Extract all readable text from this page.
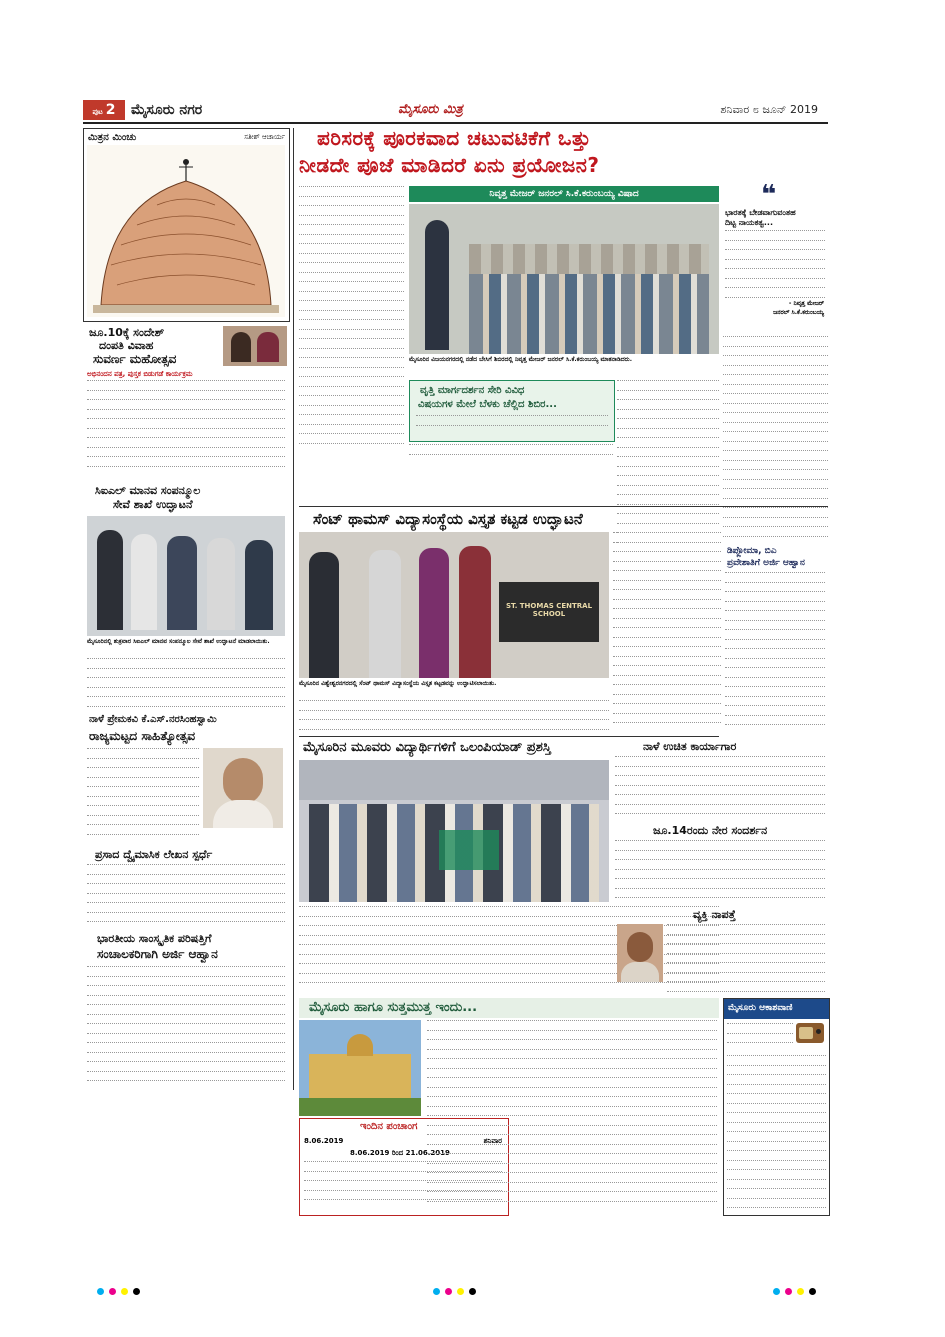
ಪುಟ 2	ಮೈಸೂರು ನಗರ	ಮೈಸೂರು ಮಿತ್ರ	ಶನಿವಾರ ೮ ಜೂನ್ 2019
ಮಿತ್ರನ ಮಿಂಚು	ಸತೀಶ್ ಆಚಾರ್ಯ
ಜೂ.10ಕ್ಕೆ ಸಂದೇಶ್
ದಂಪತಿ ವಿವಾಹ
ಸುವರ್ಣ ಮಹೋತ್ಸವ
ಅಭಿನಂದನ ಪತ್ರ, ಪುಸ್ತಕ ಬಿಡುಗಡೆ ಕಾರ್ಯಕ್ರಮ
ಸಿಐಎಲ್ ಮಾನವ ಸಂಪನ್ಮೂಲ
ಸೇವೆ ಶಾಖೆ ಉದ್ಘಾಟನೆ
ಮೈಸೂರಿನಲ್ಲಿ ಶುಕ್ರವಾರ ಸಿಐಎಲ್ ಮಾನವ ಸಂಪನ್ಮೂಲ ಸೇವೆ ಶಾಖೆ ಉದ್ಘಾಟನೆ ಮಾಡಲಾಯಿತು.
ನಾಳೆ ಪ್ರೇಮಕವಿ ಕೆ.ಎಸ್.ನರಸಿಂಹಸ್ವಾಮಿ
ರಾಜ್ಯಮಟ್ಟದ ಸಾಹಿತ್ಯೋತ್ಸವ
ಪ್ರಸಾದ ದ್ವೈಮಾಸಿಕ ಲೇಖನ ಸ್ಪರ್ಧೆ
ಭಾರತೀಯ ಸಾಂಸ್ಕೃತಿಕ ಪರಿಷತ್ತಿಗೆ
ಸಂಚಾಲಕರಿಗಾಗಿ ಅರ್ಜಿ ಆಹ್ವಾನ
ಪರಿಸರಕ್ಕೆ ಪೂರಕವಾದ ಚಟುವಟಿಕೆಗೆ ಒತ್ತು
ನೀಡದೇ ಪೂಜೆ ಮಾಡಿದರೆ ಏನು ಪ್ರಯೋಜನ?
ನಿವೃತ್ತ ಮೇಜರ್ ಜನರಲ್ ಸಿ.ಕೆ.ಕರುಂಬಯ್ಯ ವಿಷಾದ
ಮೈಸೂರಿನ ವಿಜಯನಗರದಲ್ಲಿ ನಡೆದ ಬೇಸಿಗೆ ಶಿಬಿರದಲ್ಲಿ ನಿವೃತ್ತ ಮೇಜರ್ ಜನರಲ್ ಸಿ.ಕೆ.ಕರುಂಬಯ್ಯ ಮಾತನಾಡಿದರು.
❝
ಭಾರತಕ್ಕೆ ಬೇಡವಾಗುವಂತಹ
ದಿಟ್ಟ ನಾಯಕತ್ವ...
- ನಿವೃತ್ತ ಮೇಜರ್
ಜನರಲ್ ಸಿ.ಕೆ.ಕರುಂಬಯ್ಯ
ವೃತ್ತಿ ಮಾರ್ಗದರ್ಶನ ಸೇರಿ ವಿವಿಧ
ವಿಷಯಗಳ ಮೇಲೆ ಬೆಳಕು ಚೆಲ್ಲಿದ ಶಿಬಿರ...
ಸೆಂಟ್ ಥಾಮಸ್ ವಿದ್ಯಾಸಂಸ್ಥೆಯ ವಿಸ್ತೃತ ಕಟ್ಟಡ ಉದ್ಘಾಟನೆ
ST. THOMAS CENTRAL SCHOOL
ಮೈಸೂರಿನ ವಿಶ್ವೇಶ್ವರನಗರದಲ್ಲಿ ಸೆಂಟ್ ಥಾಮಸ್ ವಿದ್ಯಾಸಂಸ್ಥೆಯ ವಿಸ್ತೃತ ಕಟ್ಟಡವನ್ನು ಉದ್ಘಾಟಿಸಲಾಯಿತು.
ಡಿಪ್ಲೋಮಾ, ಬಿಎ
ಪ್ರವೇಶಾತಿಗೆ ಅರ್ಜಿ ಆಹ್ವಾನ
ಮೈಸೂರಿನ ಮೂವರು ವಿದ್ಯಾರ್ಥಿಗಳಿಗೆ ಒಲಂಪಿಯಾಡ್ ಪ್ರಶಸ್ತಿ	ನಾಳೆ ಉಚಿತ ಕಾರ್ಯಾಗಾರ
ಜೂ.14ರಂದು ನೇರ ಸಂದರ್ಶನ
ವ್ಯಕ್ತಿ ನಾಪತ್ತೆ
ಮೈಸೂರು ಹಾಗೂ ಸುತ್ತಮುತ್ತ ಇಂದು...
ಇಂದಿನ ಪಂಚಾಂಗ
8.06.2019	ಶನಿವಾರ
8.06.2019 ರಿಂದ 21.06.2019
ಮೈಸೂರು ಆಕಾಶವಾಣಿ
